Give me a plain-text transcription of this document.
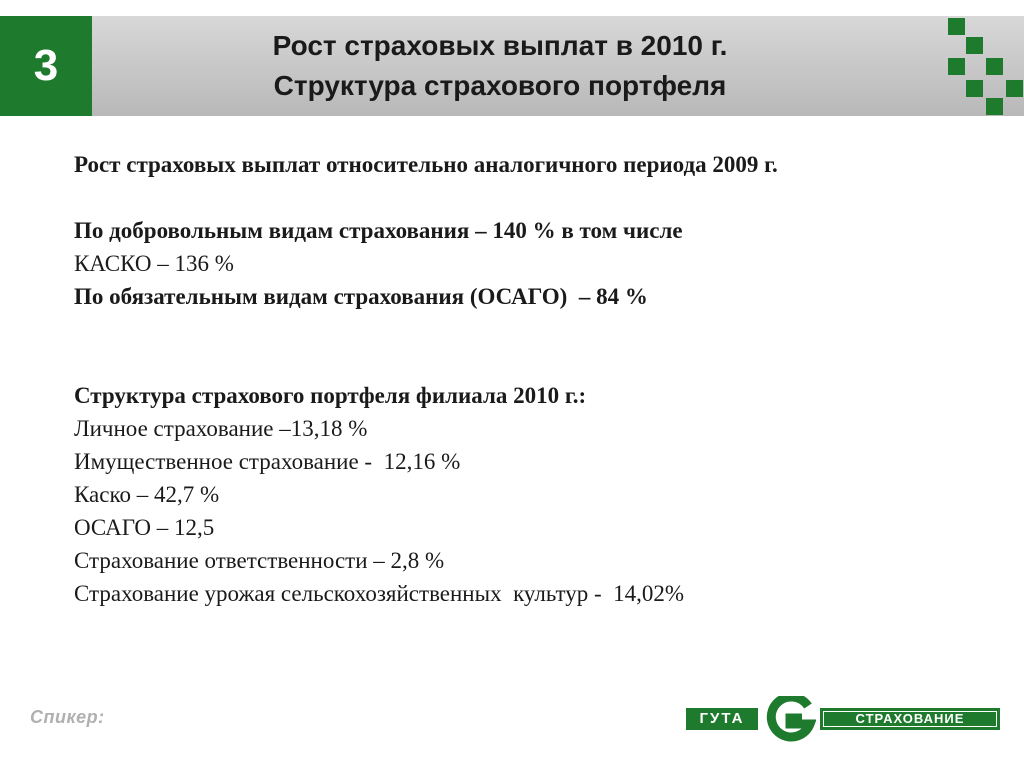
3	Рост страховых выплат в 2010 г.
Структура страхового портфеля

Рост страховых выплат относительно аналогичного периода 2009 г.

По добровольным видам страхования – 140 % в том числе

КАСКО – 136 %

По обязательным видам страхования (ОСАГО)  – 84 %

Структура страхового портфеля филиала 2010 г.:

Личное страхование –13,18 %

Имущественное страхование -  12,16 %

Каско – 42,7 %

ОСАГО – 12,5

Страхование ответственности – 2,8 %

Страхование урожая сельскохозяйственных  культур -  14,02%

Спикер:	ГУТА	СТРАХОВАНИЕ
